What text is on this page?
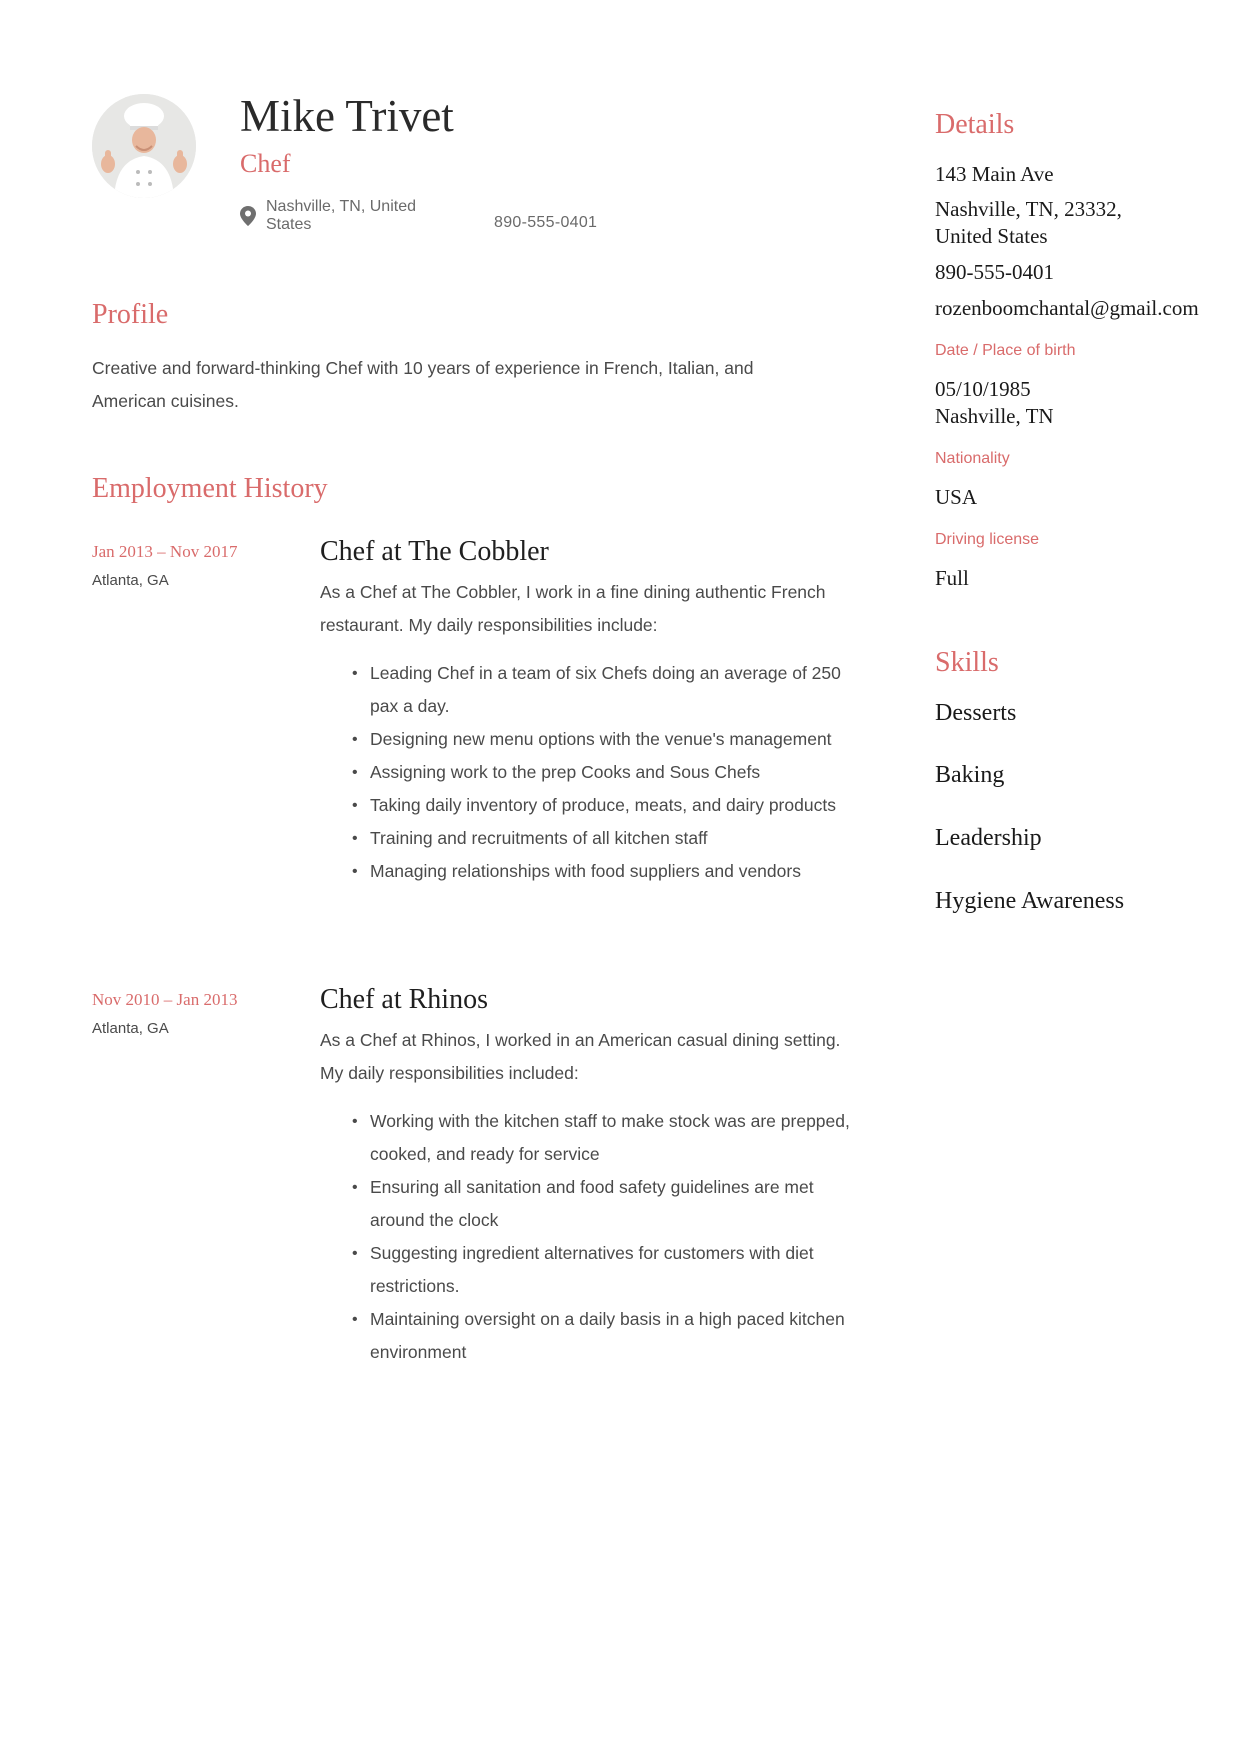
Mike Trivet
Chef
Nashville, TN, United States	890-555-0401
Profile
Creative and forward-thinking Chef with 10 years of experience in French, Italian, and American cuisines.
Employment History
Jan 2013 – Nov 2017
Atlanta, GA
Chef at The Cobbler
As a Chef at The Cobbler, I work in a fine dining authentic French restaurant. My daily responsibilities include:
• Leading Chef in a team of six Chefs doing an average of 250 pax a day.
• Designing new menu options with the venue's management
• Assigning work to the prep Cooks and Sous Chefs
• Taking daily inventory of produce, meats, and dairy products
• Training and recruitments of all kitchen staff
• Managing relationships with food suppliers and vendors
Nov 2010 – Jan 2013
Atlanta, GA
Chef at Rhinos
As a Chef at Rhinos, I worked in an American casual dining setting. My daily responsibilities included:
• Working with the kitchen staff to make stock was are prepped, cooked, and ready for service
• Ensuring all sanitation and food safety guidelines are met around the clock
• Suggesting ingredient alternatives for customers with diet restrictions.
• Maintaining oversight on a daily basis in a high paced kitchen environment
Details
143 Main Ave
Nashville, TN, 23332,
United States
890-555-0401
rozenboomchantal@gmail.com
Date / Place of birth
05/10/1985
Nashville, TN
Nationality
USA
Driving license
Full
Skills
Desserts
Baking
Leadership
Hygiene Awareness
